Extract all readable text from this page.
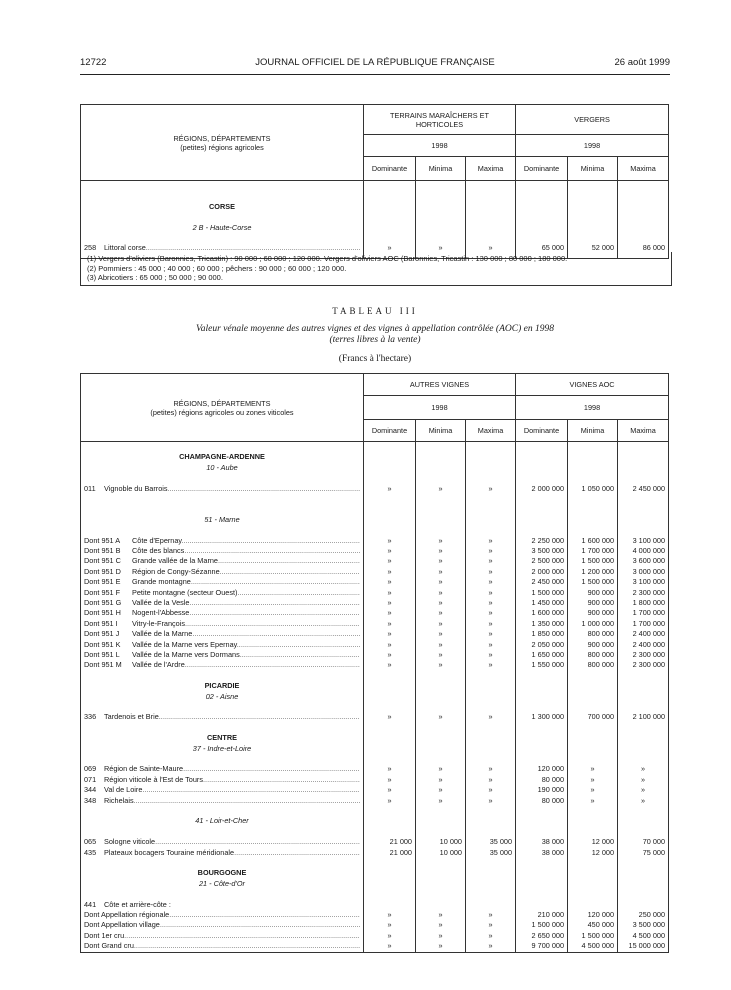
12722	JOURNAL OFFICIEL DE LA RÉPUBLIQUE FRANÇAISE	26 août 1999
RÉGIONS, DÉPARTEMENTS
(petites) régions agricoles	TERRAINS MARAÎCHERS ET HORTICOLES			VERGERS		
	1998			1998		
	Dominante	Minima	Maxima	Dominante	Minima	Maxima

CORSE						

2 B - Haute-Corse						

258 Littoral corse .....	»	»	»	65 000	52 000	86 000

(1) Vergers d'oliviers (Baronnies, Tricastin) : 90 000 ; 60 000 ; 120 000. Vergers d'oliviers AOC (Baronnies, Tricastin : 130 000 ; 80 000 ; 180 000.
(2) Pommiers : 45 000 ; 40 000 ; 60 000 ; pêchers : 90 000 ; 60 000 ; 120 000.
(3) Abricotiers : 65 000 ; 50 000 ; 90 000.
TABLEAU III
Valeur vénale moyenne des autres vignes et des vignes à appellation contrôlée (AOC) en 1998
(terres libres à la vente)
(Francs à l'hectare)
RÉGIONS, DÉPARTEMENTS
(petites) régions agricoles ou zones viticoles	AUTRES VIGNES			VIGNES AOC		
	1998			1998		
	Dominante	Minima	Maxima	Dominante	Minima	Maxima

CHAMPAGNE-ARDENNE						
10 - Aube						

011 Vignoble du Barrois .....	»	»	»	2 000 000	1 050 000	2 450 000

51 - Marne						

Dont 951 A Côte d'Epernay .....	»	»	»	2 250 000	1 600 000	3 100 000

Dont 951 B Côte des blancs .....	»	»	»	3 500 000	1 700 000	4 000 000

Dont 951 C Grande vallée de la Marne .....	»	»	»	2 500 000	1 500 000	3 600 000

Dont 951 D Région de Congy-Sézanne .....	»	»	»	2 000 000	1 200 000	3 000 000

Dont 951 E Grande montagne .....	»	»	»	2 450 000	1 500 000	3 100 000

Dont 951 F Petite montagne (secteur Ouest) .....	»	»	»	1 500 000	900 000	2 300 000

Dont 951 G Vallée de la Vesle .....	»	»	»	1 450 000	900 000	1 800 000

Dont 951 H Nogent-l'Abbesse .....	»	»	»	1 600 000	900 000	1 700 000

Dont 951 I Vitry-le-François .....	»	»	»	1 350 000	1 000 000	1 700 000

Dont 951 J Vallée de la Marne .....	»	»	»	1 850 000	800 000	2 400 000

Dont 951 K Vallée de la Marne vers Epernay .....	»	»	»	2 050 000	900 000	2 400 000

Dont 951 L Vallée de la Marne vers Dormans .....	»	»	»	1 650 000	800 000	2 300 000

Dont 951 M Vallée de l'Ardre .....	»	»	»	1 550 000	800 000	2 300 000

PICARDIE						
02 - Aisne						

336 Tardenois et Brie .....	»	»	»	1 300 000	700 000	2 100 000

CENTRE						
37 - Indre-et-Loire						

069 Région de Sainte-Maure .....	»	»	»	120 000	»	»

071 Région viticole à l'Est de Tours .....	»	»	»	80 000	»	»

344 Val de Loire .....	»	»	»	190 000	»	»

348 Richelais .....	»	»	»	80 000	»	»

41 - Loir-et-Cher						

065 Sologne viticole .....	21 000	10 000	35 000	38 000	12 000	70 000

435 Plateaux bocagers Touraine méridionale .....	21 000	10 000	35 000	38 000	12 000	75 000

BOURGOGNE						
21 - Côte-d'Or						

441 Côte et arrière-côte :						

Dont Appellation régionale .....	»	»	»	210 000	120 000	250 000

Dont Appellation village .....	»	»	»	1 500 000	450 000	3 500 000

Dont 1er cru .....	»	»	»	2 650 000	1 500 000	4 500 000

Dont Grand cru .....	»	»	»	9 700 000	4 500 000	15 000 000
